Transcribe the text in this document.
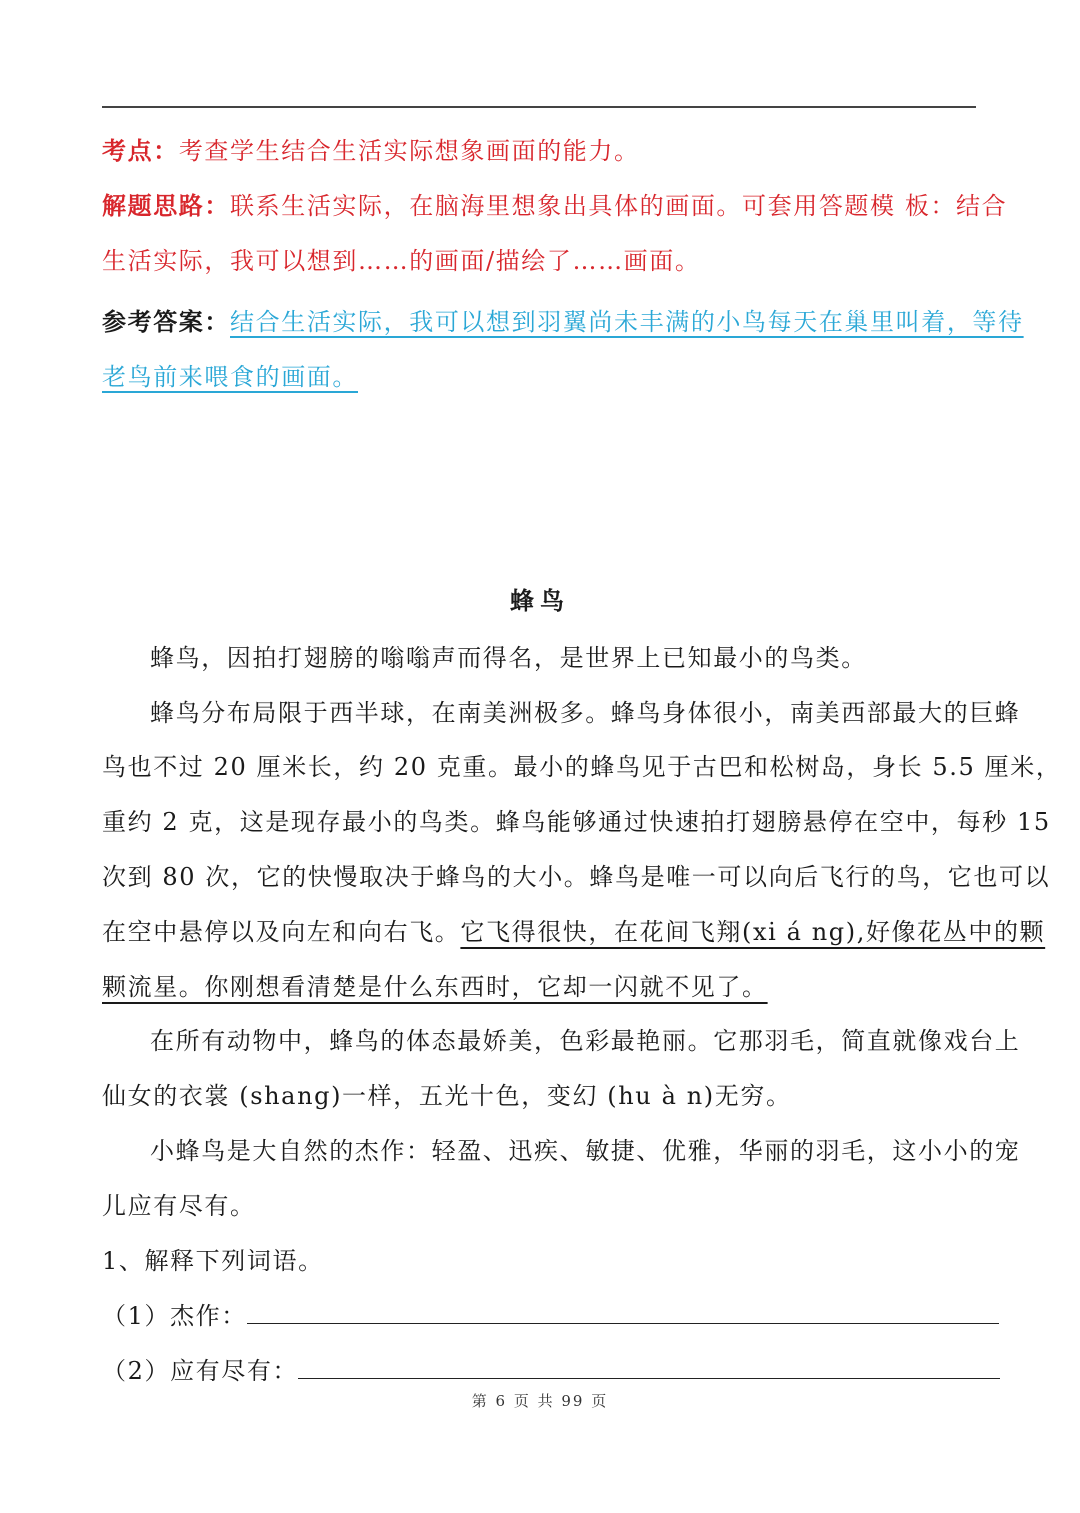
考点：考查学生结合生活实际想象画面的能力。
解题思路：联系生活实际，在脑海里想象出具体的画面。可套用答题模 板：结合
生活实际，我可以想到……的画面/描绘了……画面。
参考答案：结合生活实际，我可以想到羽翼尚未丰满的小鸟每天在巢里叫着，等待
老鸟前来喂食的画面。
蜂鸟
蜂鸟，因拍打翅膀的嗡嗡声而得名，是世界上已知最小的鸟类。
蜂鸟分布局限于西半球，在南美洲极多。蜂鸟身体很小，南美西部最大的巨蜂
鸟也不过 20 厘米长，约 20 克重。最小的蜂鸟见于古巴和松树岛，身长 5.5 厘米，
重约 2 克，这是现存最小的鸟类。蜂鸟能够通过快速拍打翅膀悬停在空中，每秒 15
次到 80 次，它的快慢取决于蜂鸟的大小。蜂鸟是唯一可以向后飞行的鸟，它也可以
在空中悬停以及向左和向右飞。它飞得很快，在花间飞翔(xi á ng),好像花丛中的颗
颗流星。你刚想看清楚是什么东西时，它却一闪就不见了。
在所有动物中，蜂鸟的体态最娇美，色彩最艳丽。它那羽毛，简直就像戏台上
仙女的衣裳 (shang)一样，五光十色，变幻 (hu à n)无穷。
小蜂鸟是大自然的杰作：轻盈、迅疾、敏捷、优雅，华丽的羽毛，这小小的宠
儿应有尽有。
1、解释下列词语。
（1）杰作：
（2）应有尽有：
第 6 页 共 99 页
